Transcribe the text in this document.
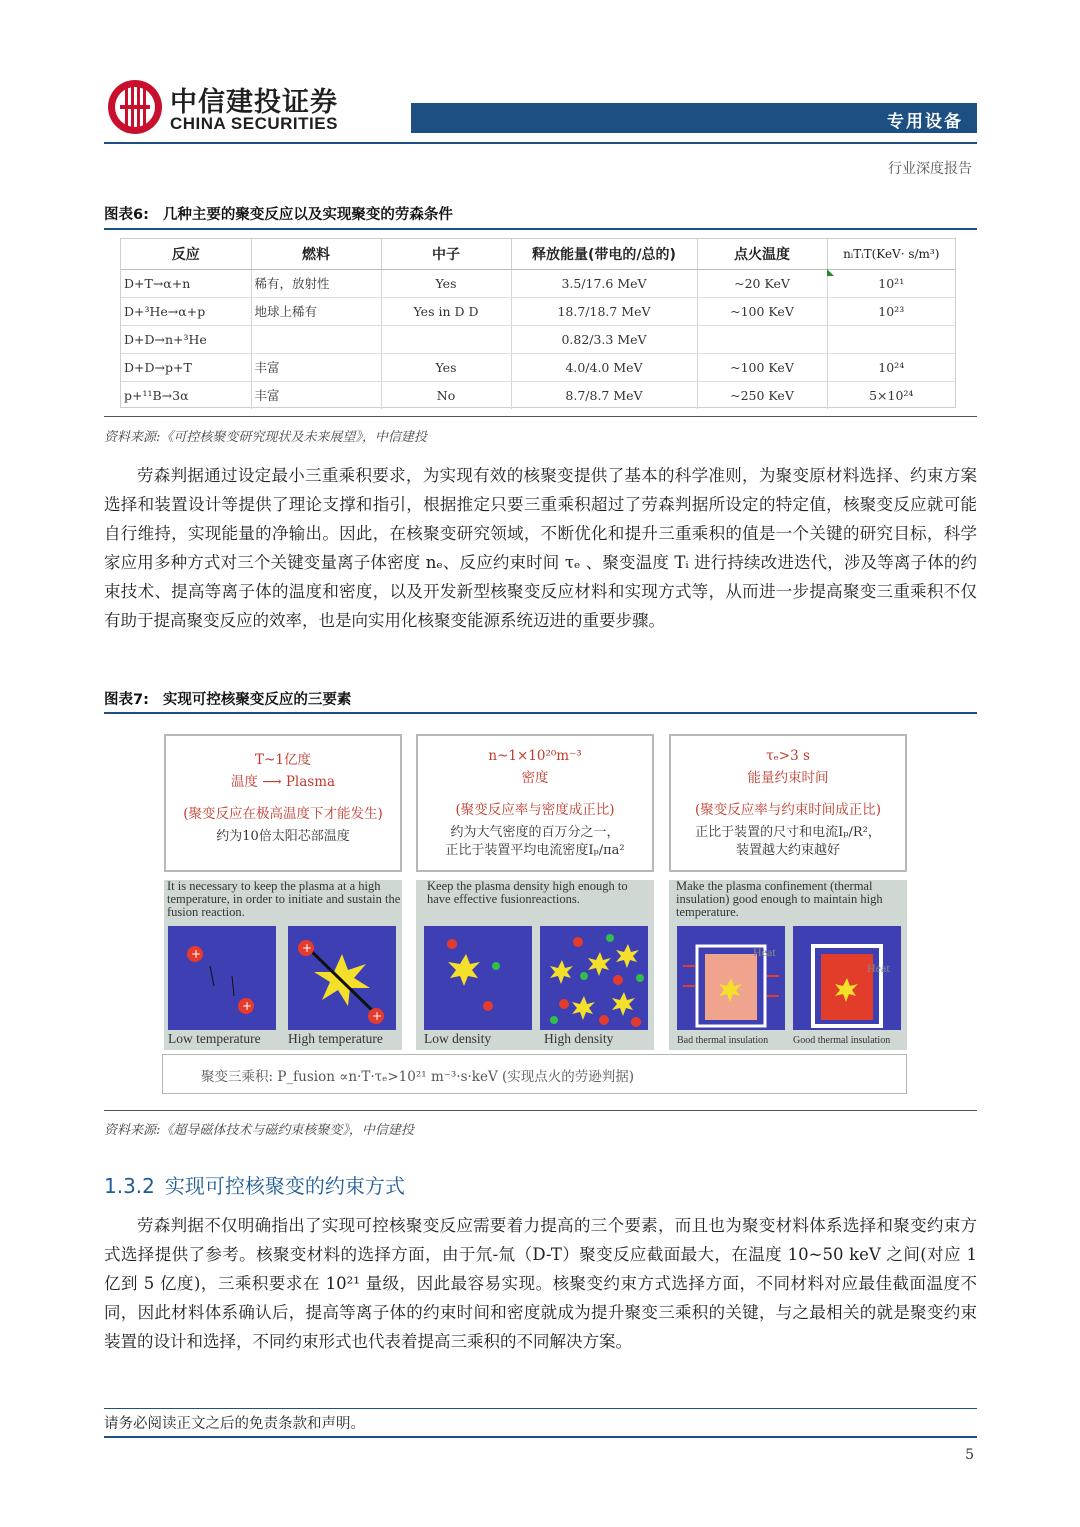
中信建投证券
CHINA SECURITIES	专用设备
行业深度报告
图表6: 几种主要的聚变反应以及实现聚变的劳森条件
反应	燃料	中子	释放能量(带电的/总的)	点火温度	nᵢTᵢT(KeV· s/m³)
D+T→α+n	稀有，放射性	Yes	3.5/17.6 MeV	~20 KeV	10²¹
D+³He→α+p	地球上稀有	Yes in D D	18.7/18.7 MeV	~100 KeV	10²³
D+D→n+³He			0.82/3.3 MeV		
D+D→p+T	丰富	Yes	4.0/4.0 MeV	~100 KeV	10²⁴
p+¹¹B→3α	丰富	No	8.7/8.7 MeV	~250 KeV	5×10²⁴
资料来源:《可控核聚变研究现状及未来展望》，中信建投

劳森判据通过设定最小三重乘积要求，为实现有效的核聚变提供了基本的科学准则，为聚变原材料选择、约束方案选择和装置设计等提供了理论支撑和指引，根据推定只要三重乘积超过了劳森判据所设定的特定值，核聚变反应就可能自行维持，实现能量的净输出。因此，在核聚变研究领域，不断优化和提升三重乘积的值是一个关键的研究目标，科学家应用多种方式对三个关键变量离子体密度 nₑ、反应约束时间 τₑ 、聚变温度 Tᵢ 进行持续改进迭代，涉及等离子体的约束技术、提高等离子体的温度和密度，以及开发新型核聚变反应材料和实现方式等，从而进一步提高聚变三重乘积不仅有助于提高聚变反应的效率，也是向实用化核聚变能源系统迈进的重要步骤。

图表7: 实现可控核聚变反应的三要素
T~1亿度
温度 ⟶ Plasma
(聚变反应在极高温度下才能发生)
约为10倍太阳芯部温度
n~1×10²⁰m⁻³
密度
(聚变反应率与密度成正比)
约为大气密度的百万分之一，
正比于装置平均电流密度Iₚ/πa²
τₑ>3 s
能量约束时间
(聚变反应率与约束时间成正比)
正比于装置的尺寸和电流Iₚ/R²，
装置越大约束越好
It is necessary to keep the plasma at a high temperature, in order to initiate and sustain the fusion reaction.
+
+
+
+
Low temperature High temperature
Keep the plasma density high enough to have effective fusionreactions.
Low density	High density
Make the plasma confinement (thermal insulation) good enough to maintain high temperature.
Heat
Heat
Bad thermal insulation Good thermal insulation
聚变三乘积: P_fusion ∝n·T·τₑ>10²¹ m⁻³·s·keV (实现点火的劳逊判据)
资料来源:《超导磁体技术与磁约束核聚变》，中信建投
1.3.2 实现可控核聚变的约束方式

劳森判据不仅明确指出了实现可控核聚变反应需要着力提高的三个要素，而且也为聚变材料体系选择和聚变约束方式选择提供了参考。核聚变材料的选择方面，由于氘-氚（D-T）聚变反应截面最大，在温度 10~50 keV 之间(对应 1 亿到 5 亿度)，三乘积要求在 10²¹ 量级，因此最容易实现。核聚变约束方式选择方面，不同材料对应最佳截面温度不同，因此材料体系确认后，提高等离子体的约束时间和密度就成为提升聚变三乘积的关键，与之最相关的就是聚变约束装置的设计和选择，不同约束形式也代表着提高三乘积的不同解决方案。

请务必阅读正文之后的免责条款和声明。
5
